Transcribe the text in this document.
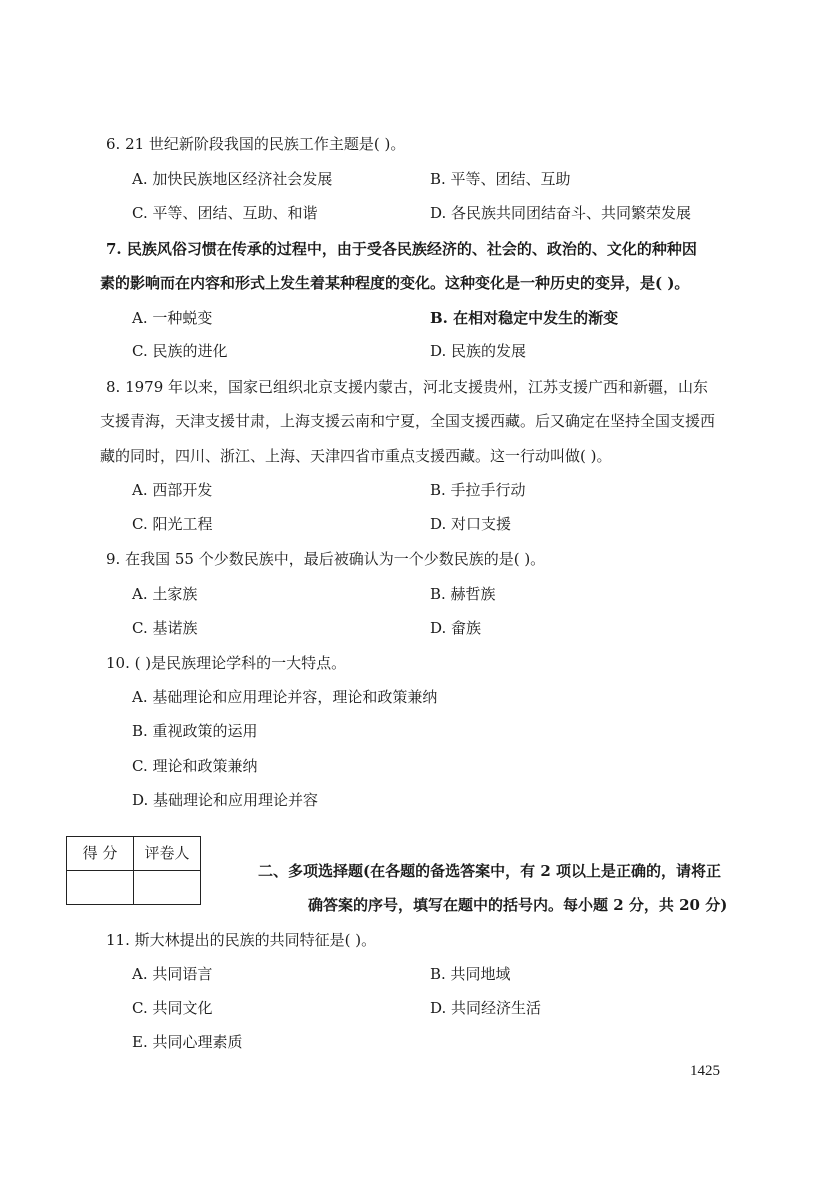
6. 21 世纪新阶段我国的民族工作主题是( )。
A. 加快民族地区经济社会发展	B. 平等、团结、互助
C. 平等、团结、互助、和谐	D. 各民族共同团结奋斗、共同繁荣发展
7. 民族风俗习惯在传承的过程中，由于受各民族经济的、社会的、政治的、文化的种种因
素的影响而在内容和形式上发生着某种程度的变化。这种变化是一种历史的变异，是( )。
A. 一种蜕变	B. 在相对稳定中发生的渐变
C. 民族的进化	D. 民族的发展
8. 1979 年以来，国家已组织北京支援内蒙古，河北支援贵州，江苏支援广西和新疆，山东
支援青海，天津支援甘肃，上海支援云南和宁夏，全国支援西藏。后又确定在坚持全国支援西
藏的同时，四川、浙江、上海、天津四省市重点支援西藏。这一行动叫做( )。
A. 西部开发	B. 手拉手行动
C. 阳光工程	D. 对口支援
9. 在我国 55 个少数民族中，最后被确认为一个少数民族的是( )。
A. 土家族	B. 赫哲族
C. 基诺族	D. 畲族
10. ( )是民族理论学科的一大特点。
A. 基础理论和应用理论并容，理论和政策兼纳
B. 重视政策的运用
C. 理论和政策兼纳
D. 基础理论和应用理论并容
得 分	评卷人

二、多项选择题(在各题的备选答案中，有 2 项以上是正确的，请将正
确答案的序号，填写在题中的括号内。每小题 2 分，共 20 分)
11. 斯大林提出的民族的共同特征是( )。
A. 共同语言	B. 共同地域
C. 共同文化	D. 共同经济生活
E. 共同心理素质
1425
